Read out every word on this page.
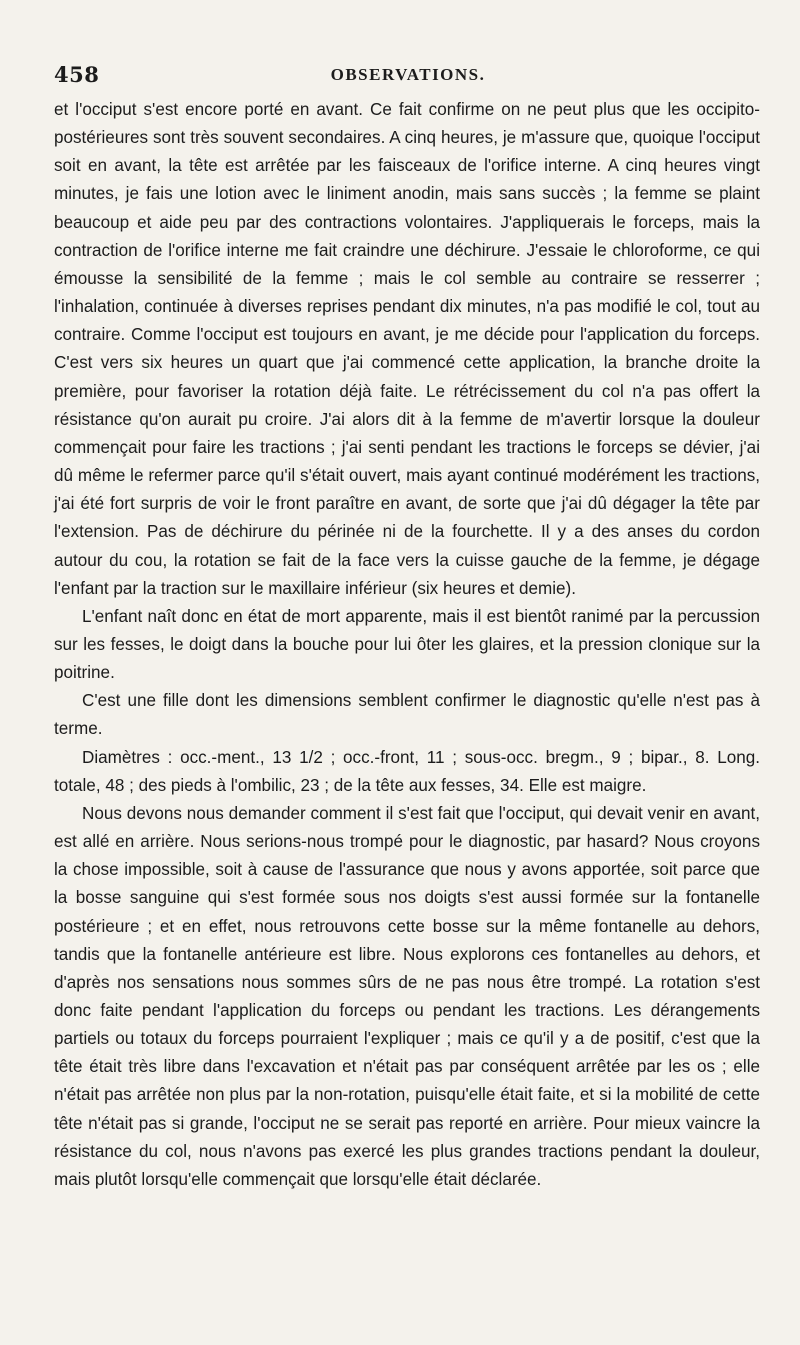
458	OBSERVATIONS.

et l'occiput s'est encore porté en avant. Ce fait confirme on ne peut plus que les occipito-postérieures sont très souvent secondaires. A cinq heures, je m'assure que, quoique l'occiput soit en avant, la tête est arrêtée par les faisceaux de l'orifice interne. A cinq heures vingt minutes, je fais une lotion avec le liniment anodin, mais sans succès ; la femme se plaint beaucoup et aide peu par des contractions volontaires. J'appliquerais le forceps, mais la contraction de l'orifice interne me fait craindre une déchirure. J'essaie le chloroforme, ce qui émousse la sensibilité de la femme ; mais le col semble au contraire se resserrer ; l'inhalation, continuée à diverses reprises pendant dix minutes, n'a pas modifié le col, tout au contraire. Comme l'occiput est toujours en avant, je me décide pour l'application du forceps. C'est vers six heures un quart que j'ai commencé cette application, la branche droite la première, pour favoriser la rotation déjà faite. Le rétrécissement du col n'a pas offert la résistance qu'on aurait pu croire. J'ai alors dit à la femme de m'avertir lorsque la douleur commençait pour faire les tractions ; j'ai senti pendant les tractions le forceps se dévier, j'ai dû même le refermer parce qu'il s'était ouvert, mais ayant continué modérément les tractions, j'ai été fort surpris de voir le front paraître en avant, de sorte que j'ai dû dégager la tête par l'extension. Pas de déchirure du périnée ni de la fourchette. Il y a des anses du cordon autour du cou, la rotation se fait de la face vers la cuisse gauche de la femme, je dégage l'enfant par la traction sur le maxillaire inférieur (six heures et demie).

L'enfant naît donc en état de mort apparente, mais il est bientôt ranimé par la percussion sur les fesses, le doigt dans la bouche pour lui ôter les glaires, et la pression clonique sur la poitrine.

C'est une fille dont les dimensions semblent confirmer le diagnostic qu'elle n'est pas à terme.

Diamètres : occ.-ment., 13 1/2 ; occ.-front, 11 ; sous-occ. bregm., 9 ; bipar., 8. Long. totale, 48 ; des pieds à l'ombilic, 23 ; de la tête aux fesses, 34. Elle est maigre.

Nous devons nous demander comment il s'est fait que l'occiput, qui devait venir en avant, est allé en arrière. Nous serions-nous trompé pour le diagnostic, par hasard? Nous croyons la chose impossible, soit à cause de l'assurance que nous y avons apportée, soit parce que la bosse sanguine qui s'est formée sous nos doigts s'est aussi formée sur la fontanelle postérieure ; et en effet, nous retrouvons cette bosse sur la même fontanelle au dehors, tandis que la fontanelle antérieure est libre. Nous explorons ces fontanelles au dehors, et d'après nos sensations nous sommes sûrs de ne pas nous être trompé. La rotation s'est donc faite pendant l'application du forceps ou pendant les tractions. Les dérangements partiels ou totaux du forceps pourraient l'expliquer ; mais ce qu'il y a de positif, c'est que la tête était très libre dans l'excavation et n'était pas par conséquent arrêtée par les os ; elle n'était pas arrêtée non plus par la non-rotation, puisqu'elle était faite, et si la mobilité de cette tête n'était pas si grande, l'occiput ne se serait pas reporté en arrière. Pour mieux vaincre la résistance du col, nous n'avons pas exercé les plus grandes tractions pendant la douleur, mais plutôt lorsqu'elle commençait que lorsqu'elle était déclarée.
